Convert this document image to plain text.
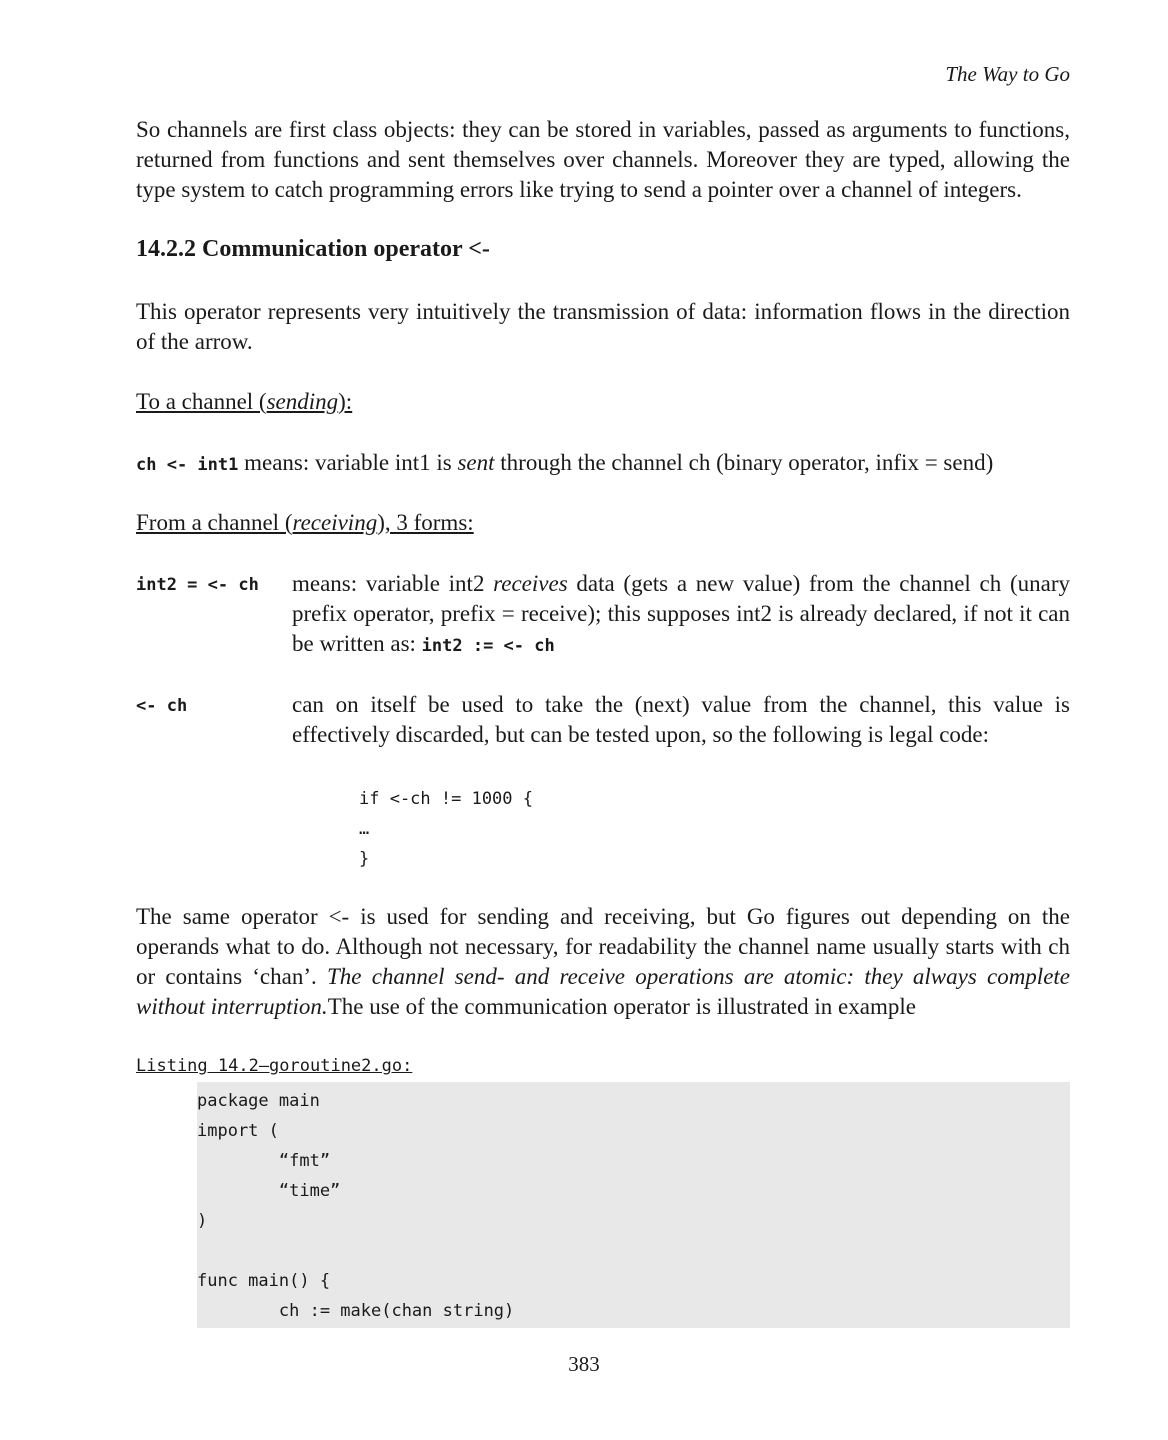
The Way to Go

So channels are first class objects: they can be stored in variables, passed as arguments to functions, returned from functions and sent themselves over channels. Moreover they are typed, allowing the type system to catch programming errors like trying to send a pointer over a channel of integers.

14.2.2 Communication operator <-

This operator represents very intuitively the transmission of data: information flows in the direction of the arrow.

To a channel (sending):
ch <- int1 means: variable int1 is sent through the channel ch (binary operator, infix = send)
From a channel (receiving), 3 forms:
int2 = <- ch means: variable int2 receives data (gets a new value) from the channel ch (unary prefix operator, prefix = receive); this supposes int2 is already declared, if not it can be written as: int2 := <- ch
<- ch	can on itself be used to take the (next) value from the channel, this value is effectively discarded, but can be tested upon, so the following is legal code:
if <-ch != 1000 {
…
}
The same operator <- is used for sending and receiving, but Go figures out depending on the operands what to do. Although not necessary, for readability the channel name usually starts with ch or contains ‘chan’. The channel send- and receive operations are atomic: they always complete without interruption.The use of the communication operator is illustrated in example
Listing 14.2—goroutine2.go:
package main
import (
“fmt”
“time”
)

func main() {
ch := make(chan string)
383
